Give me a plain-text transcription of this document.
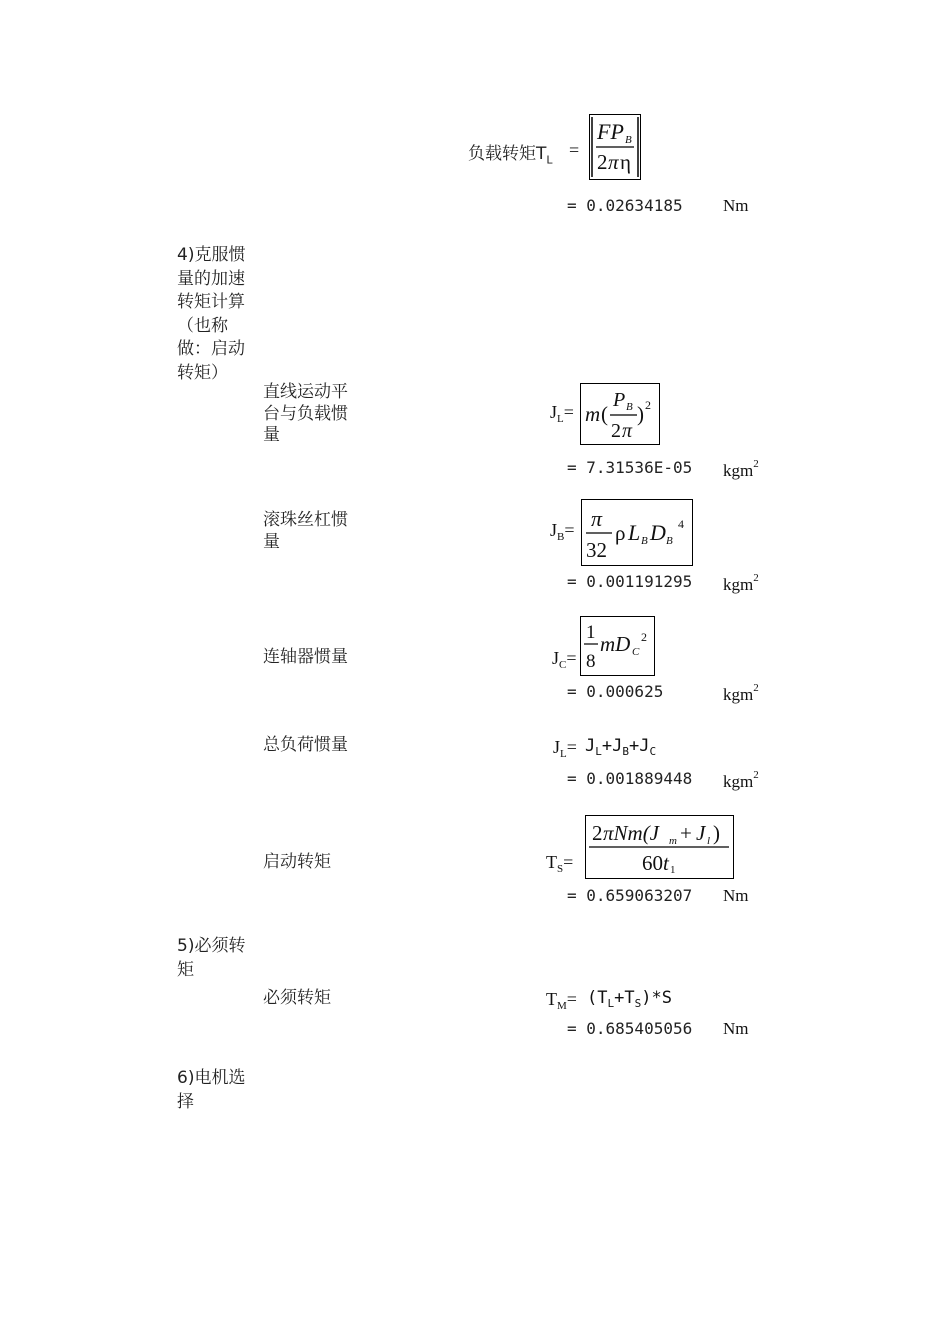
负载转矩$T_L$ =
FP B
2 π η
= 0.02634185 Nm
4)克服惯量的加速转矩计算（也称做：启动转矩）
直线运动平台与负载惯量
$J_L= m$ (
P B
2 π
) 2
= 7.31536E-05 kgm$^2$
滚珠丝杠惯量
$J_B= \pi$
32
ρ L B D B
4
= 0.001191295 kgm$^2$
连轴器惯量	$J_C=$
1
8
mD C
2
= 0.000625	kgm$^2$
总负荷惯量	$J_L= J_L+J_B+J_C$
= 0.001889448 kgm$^2$
启动转矩	$T_S=$
2 πNm(J m + J l )
60 t 1
= 0.659063207 Nm
5)必须转矩
必须转矩	$T_M= (T_L+T_S)*S$
= 0.685405056 Nm
6)电机选择
